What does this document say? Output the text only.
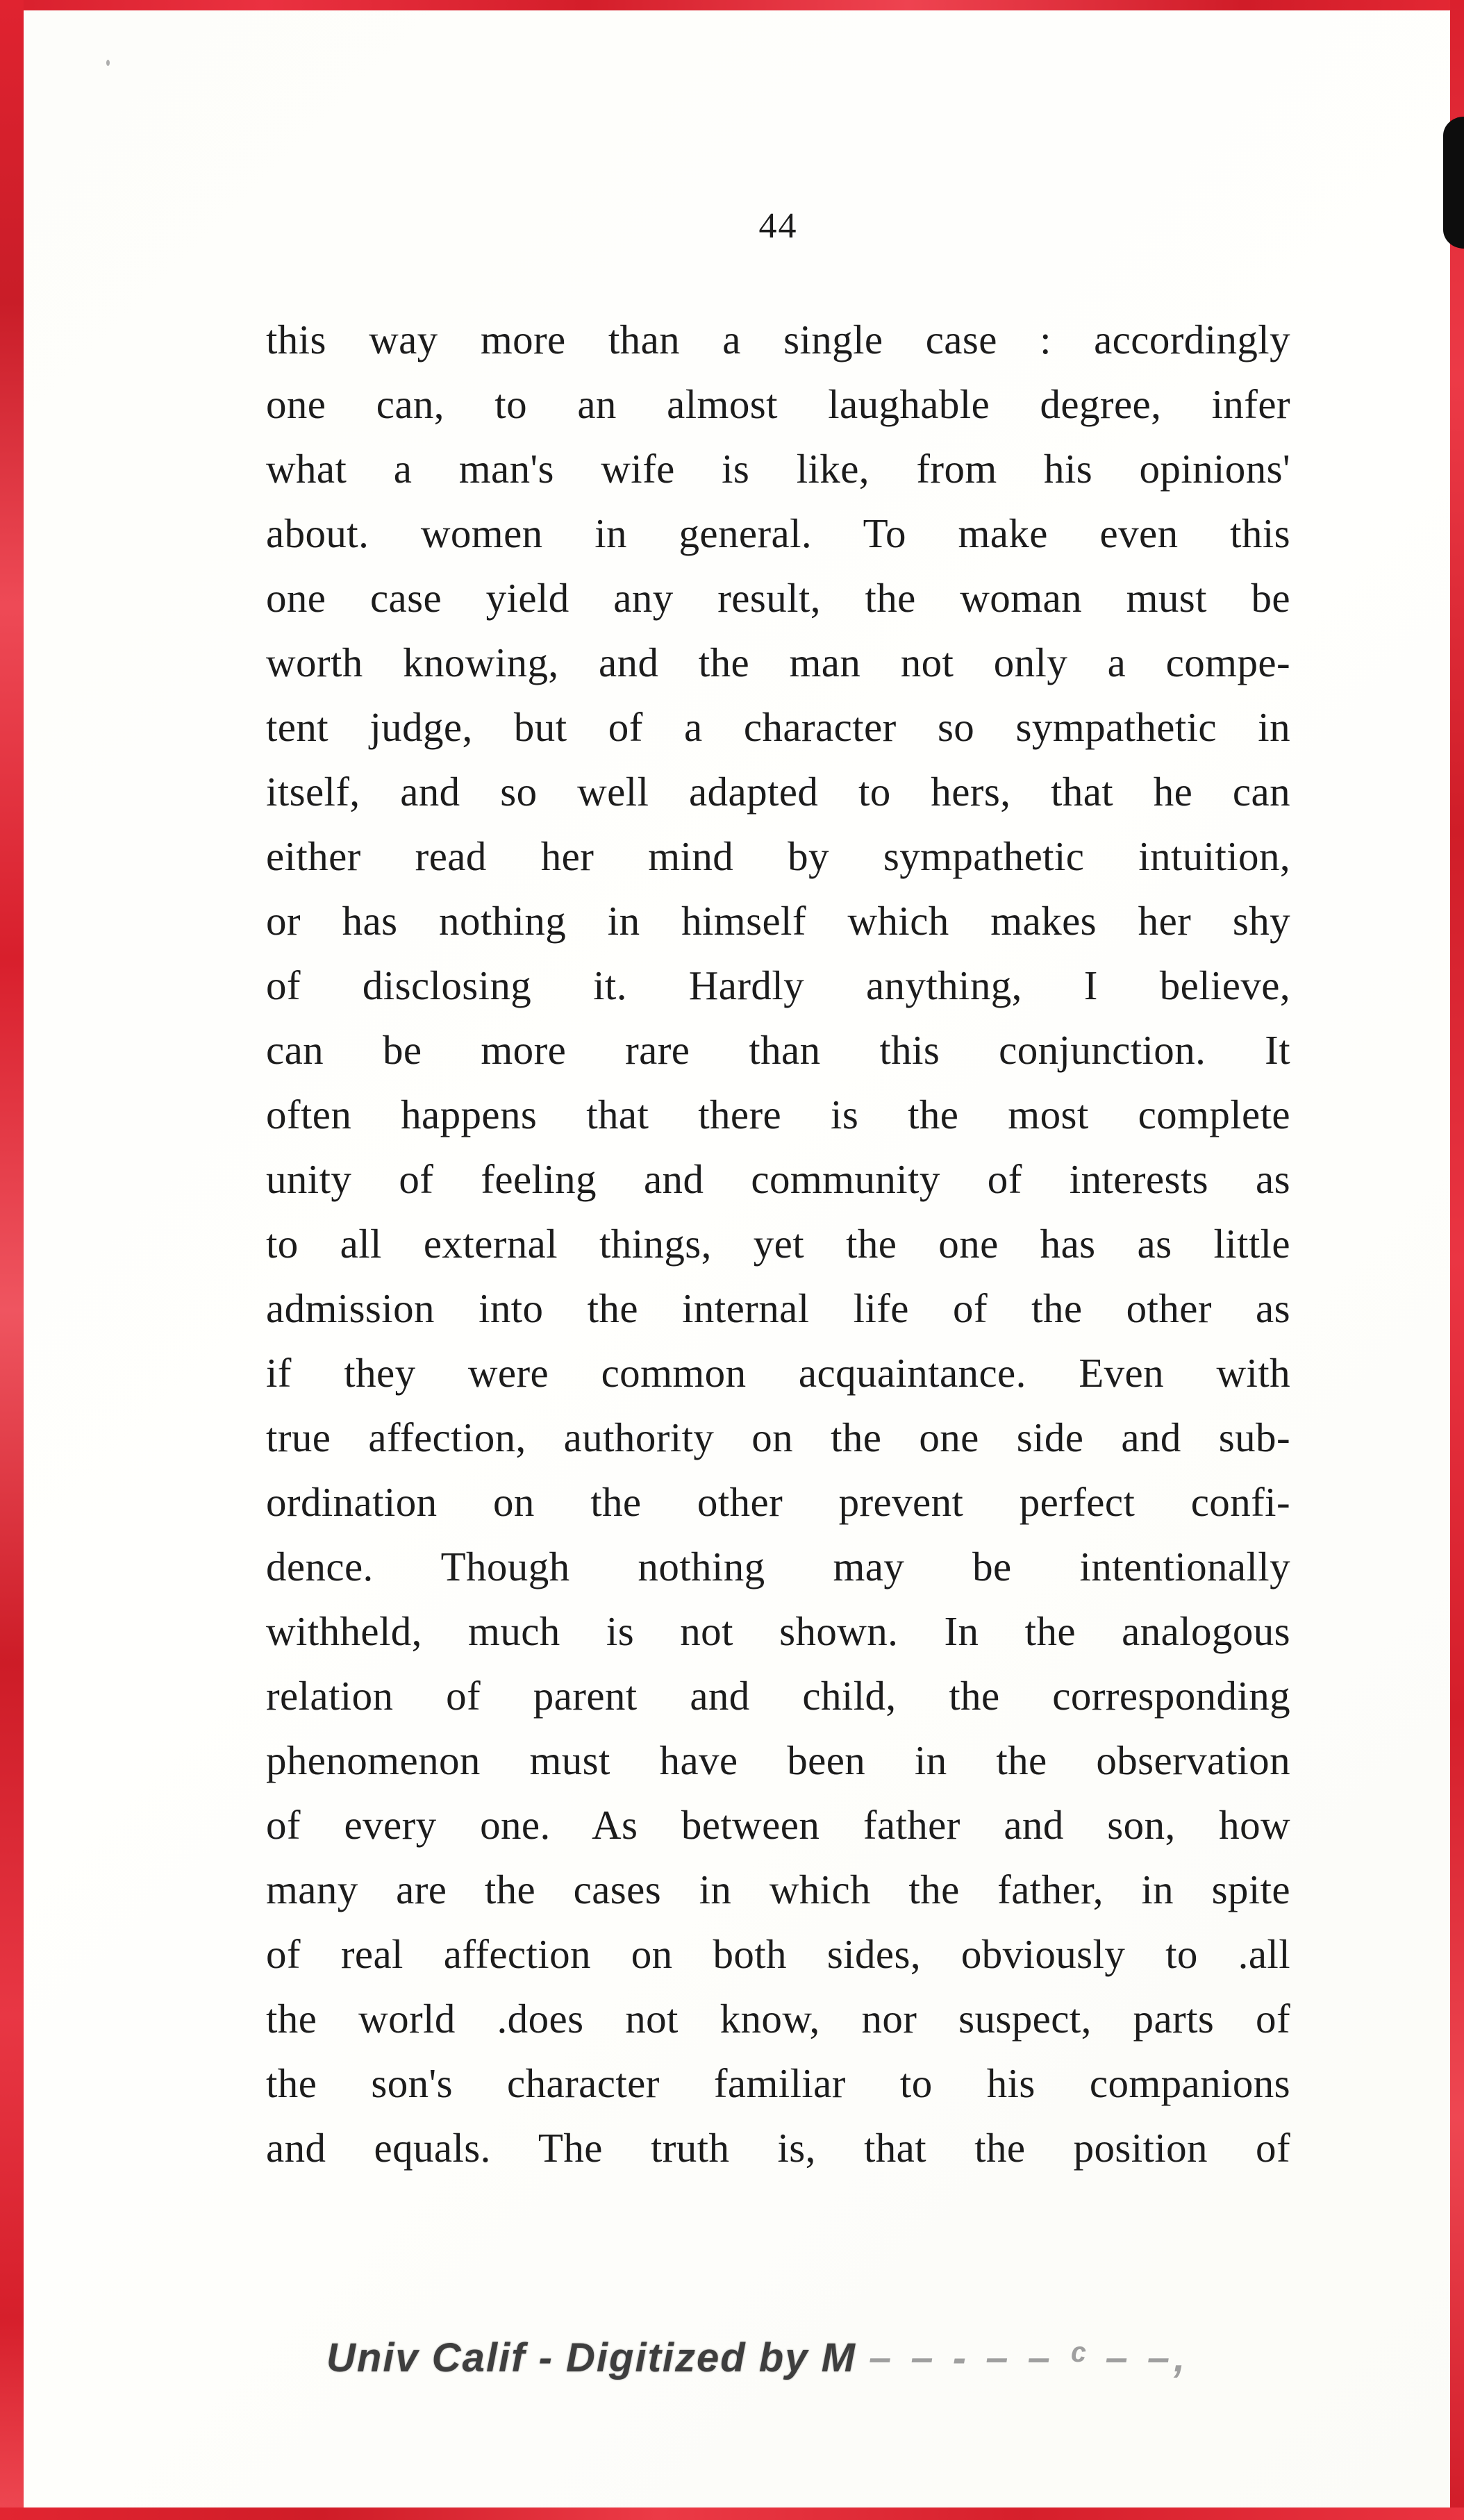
44
this way more than a single case : accordingly
one can, to an almost laughable degree, infer
what a man's wife is like, from his opinions'
about. women in general. To make even this
one case yield any result, the woman must be
worth knowing, and the man not only a compe-
tent judge, but of a character so sympathetic in
itself, and so well adapted to hers, that he can
either read her mind by sympathetic intuition,
or has nothing in himself which makes her shy
of disclosing it. Hardly anything, I believe,
can be more rare than this conjunction. It
often happens that there is the most complete
unity of feeling and community of interests as
to all external things, yet the one has as little
admission into the internal life of the other as
if they were common acquaintance. Even with
true affection, authority on the one side and sub-
ordination on the other prevent perfect confi-
dence. Though nothing may be intentionally
withheld, much is not shown. In the analogous
relation of parent and child, the corresponding
phenomenon must have been in the observation
of every one. As between father and son, how
many are the cases in which the father, in spite
of real affection on both sides, obviously to .all
the world .does not know, nor suspect, parts of
the son's character familiar to his companions
and equals. The truth is, that the position of
Univ Calif - Digitized by M – – - – – ᶜ – –,
